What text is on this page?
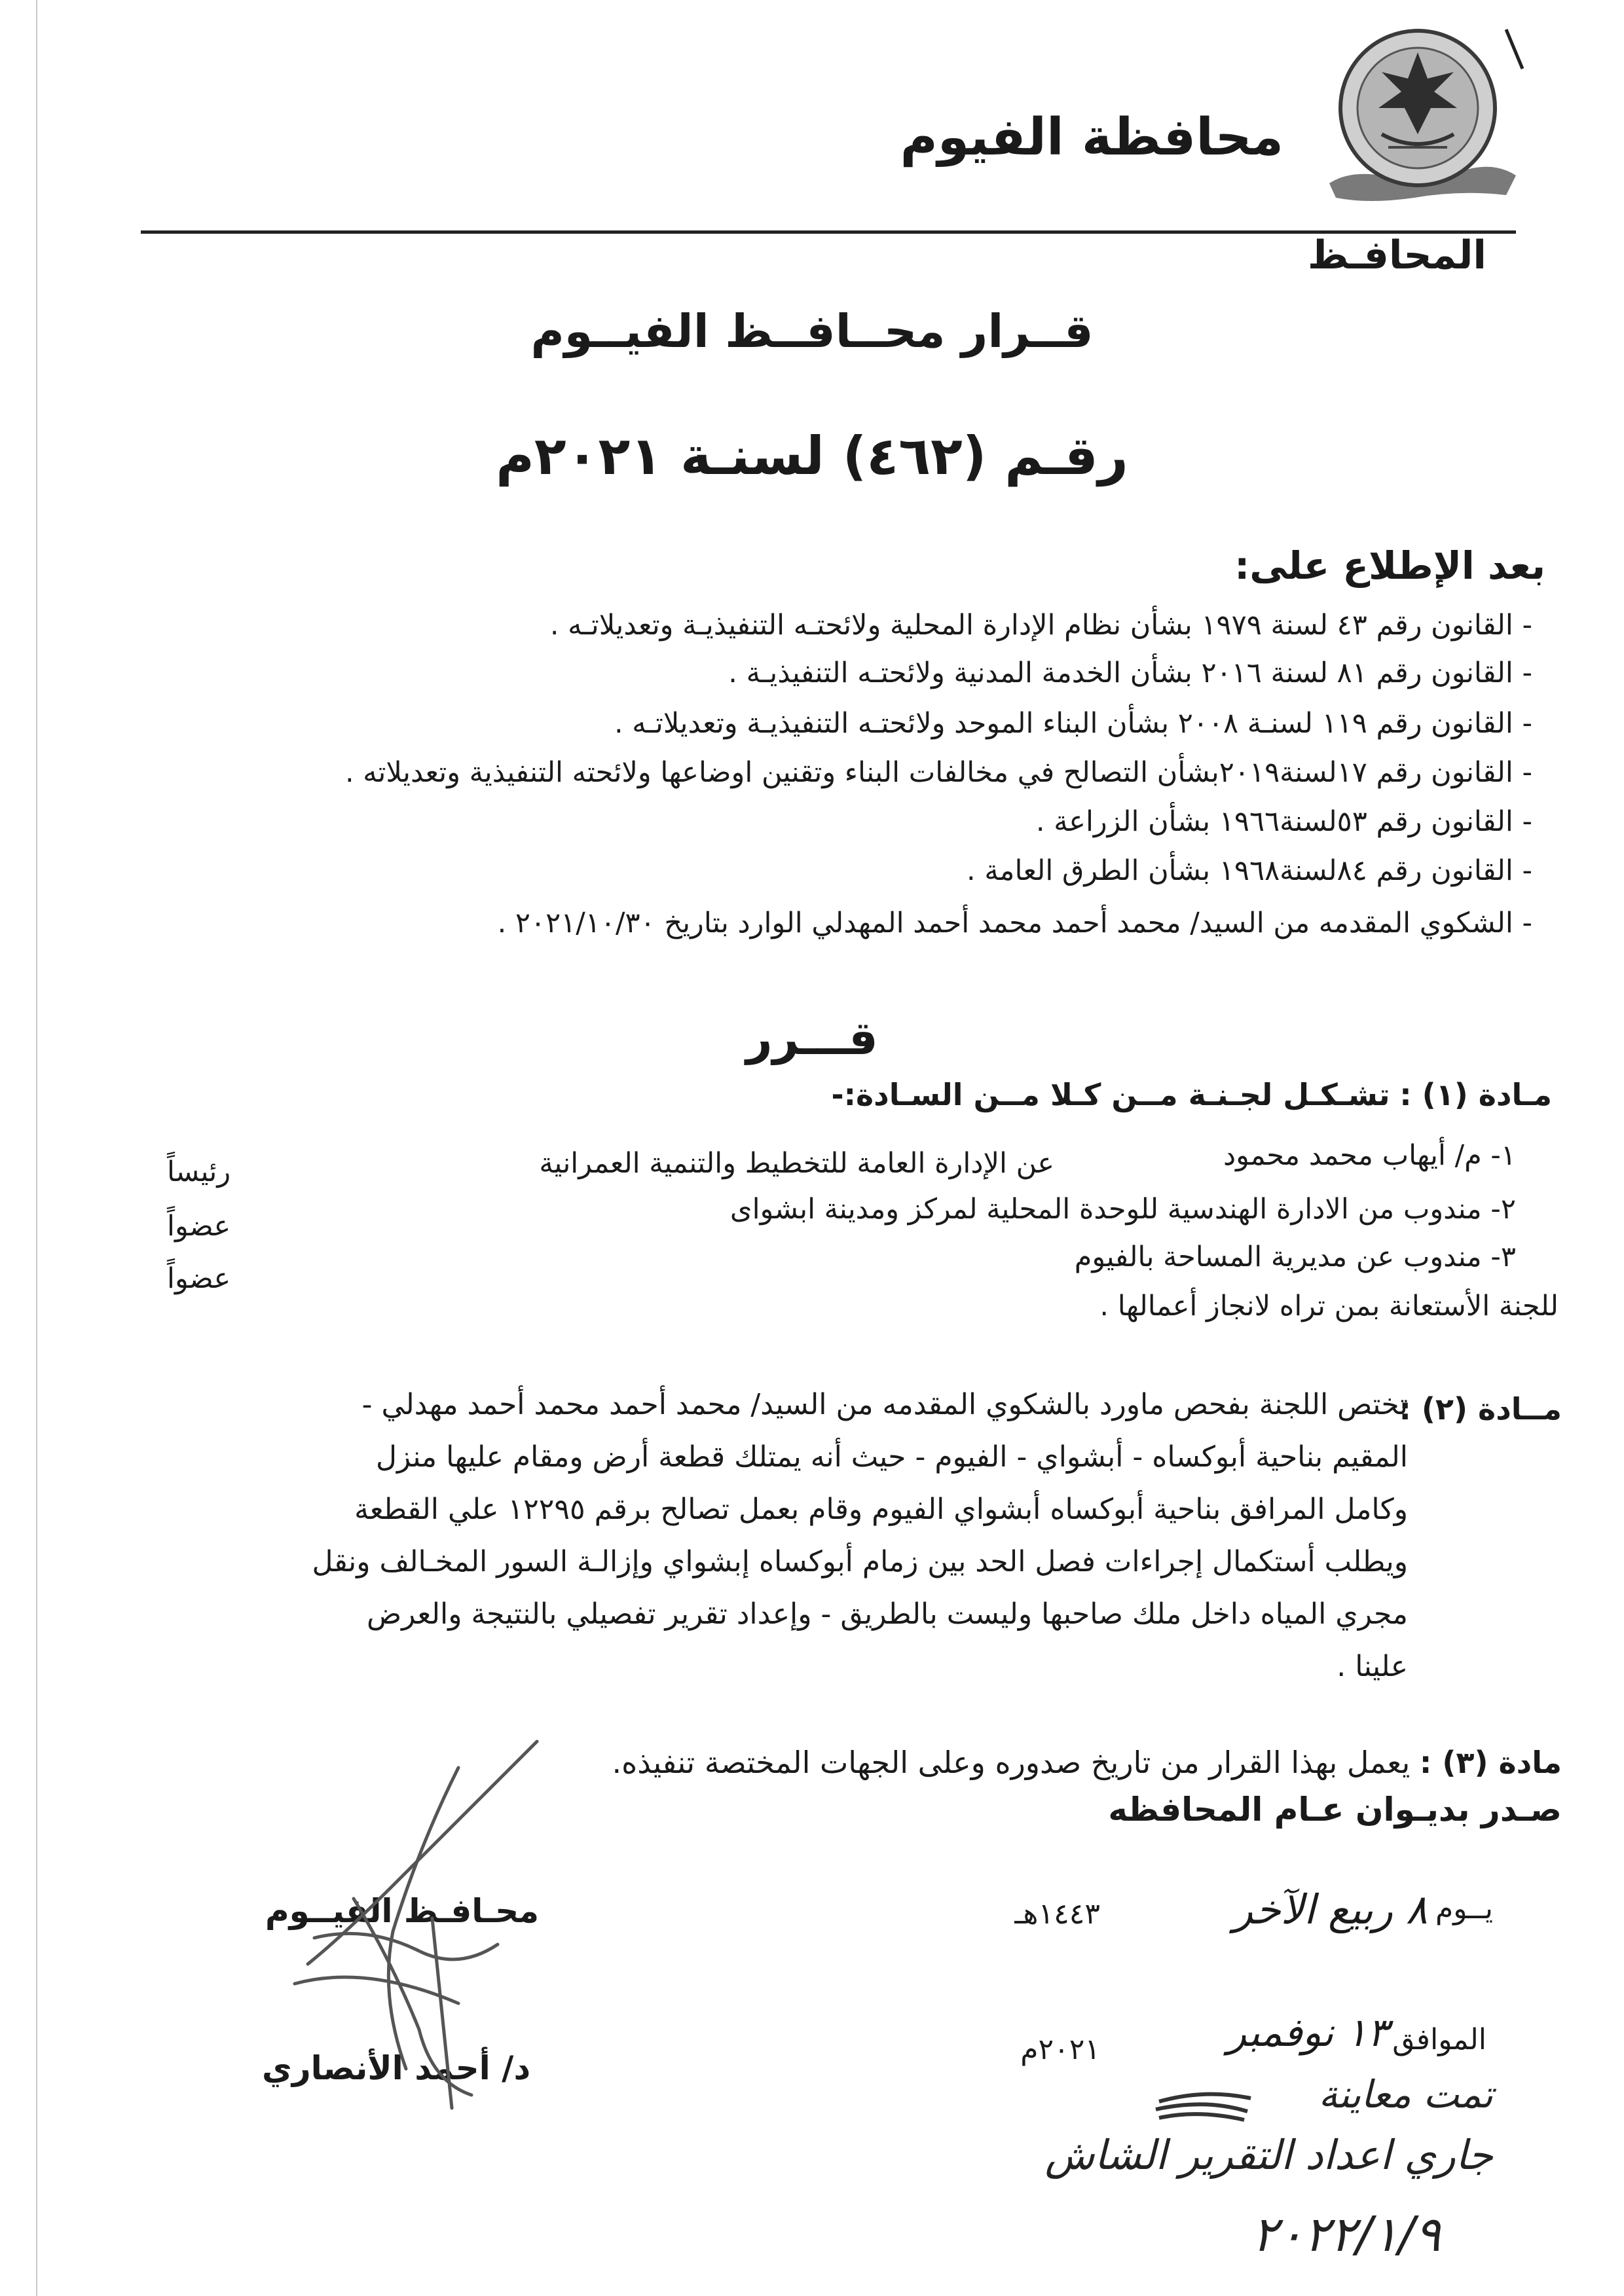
محافظة الفيوم
المحافـظ
قــرار محــافــظ الفيــوم
رقـم (٤٦٢) لسنـة ٢٠٢١م
بعد الإطلاع على:
- القانون رقم ٤٣ لسنة ١٩٧٩ بشأن نظام الإدارة المحلية ولائحتـه التنفيذيـة وتعديلاتـه .
- القانون رقم ٨١ لسنة ٢٠١٦ بشأن الخدمة المدنية ولائحتـه التنفيذيـة .
- القانون رقم ١١٩ لسنـة ٢٠٠٨ بشأن البناء الموحد ولائحتـه التنفيذيـة وتعديلاتـه .
- القانون رقم ١٧لسنة٢٠١٩بشأن التصالح في مخالفات البناء وتقنين اوضاعها ولائحته التنفيذية وتعديلاته .
- القانون رقم ٥٣لسنة١٩٦٦ بشأن الزراعة .
- القانون رقم ٨٤لسنة١٩٦٨ بشأن الطرق العامة .
- الشكوي المقدمه من السيد/ محمد أحمد محمد أحمد المهدلي الوارد بتاريخ ٢٠٢١/١٠/٣٠ .
قـــرر
مـادة (١) : تشـكـل لجـنـة مــن كـلا مــن السـادة:-
١- م/ أيهاب محمد محمود
عن الإدارة العامة للتخطيط والتنمية العمرانية
رئيساً
٢- مندوب من الادارة الهندسية للوحدة المحلية لمركز ومدينة ابشواى
عضواً
٣- مندوب عن مديرية المساحة بالفيوم
عضواً
للجنة الأستعانة بمن تراه لانجاز أعمالها .
مــادة (٢) :
تختص اللجنة بفحص ماورد بالشكوي المقدمه من السيد/ محمد أحمد محمد أحمد مهدلي -
المقيم بناحية أبوكساه - أبشواي - الفيوم - حيث أنه يمتلك قطعة أرض ومقام عليها منزل
وكامل المرافق بناحية أبوكساه أبشواي الفيوم وقام بعمل تصالح برقم ١٢٢٩٥ علي القطعة
ويطلب أستكمال إجراءات فصل الحد بين زمام أبوكساه إبشواي وإزالـة السور المخـالف ونقل
مجري المياه داخل ملك صاحبها وليست بالطريق - وإعداد تقرير تفصيلي بالنتيجة والعرض
علينا .
مادة (٣) : يعمل بهذا القرار من تاريخ صدوره وعلى الجهات المختصة تنفيذه.
صـدر بديـوان عـام المحافظه
يــوم
٨ ربيع الآخر
١٤٤٣هـ
الموافق
١٣ نوفمبر
٢٠٢١م
محـافـظ الفيــوم
د/ أحمد الأنصاري
تمت معاينة
جاري اعداد التقرير الشاش
٢٠٢٢/١/٩
